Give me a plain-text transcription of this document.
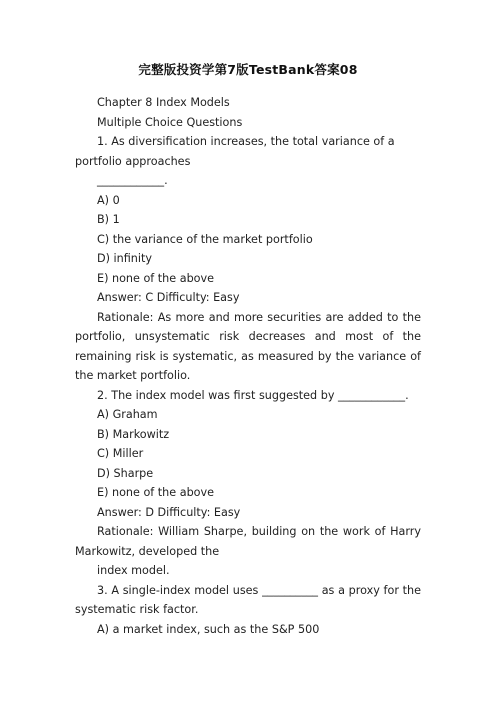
完整版投资学第7版TestBank答案08

Chapter 8 Index Models

Multiple Choice Questions

1. As diversification increases, the total variance of a portfolio approaches

____________.

A) 0

B) 1

C) the variance of the market portfolio

D) infinity

E) none of the above

Answer: C Difficulty: Easy

Rationale: As more and more securities are added to the portfolio, unsystematic risk decreases and most of the remaining risk is systematic, as measured by the variance of the market portfolio.

2. The index model was first suggested by ____________.

A) Graham

B) Markowitz

C) Miller

D) Sharpe

E) none of the above

Answer: D Difficulty: Easy

Rationale: William Sharpe, building on the work of Harry Markowitz, developed the

index model.

3. A single-index model uses __________ as a proxy for the systematic risk factor.

A) a market index, such as the S&P 500
